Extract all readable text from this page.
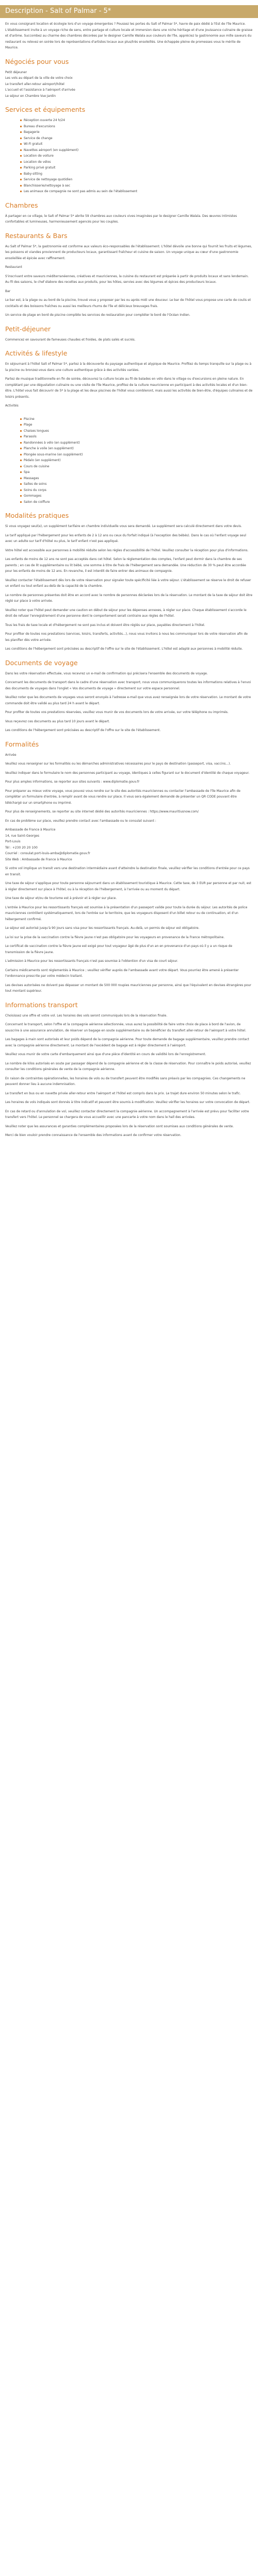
Description - Salt of Palmar - 5*

En vous consignant location et écologie lors d'un voyage émergentes ? Poussez les portes du Salt of Palmar 5*, havre de paix dédié à l'Est de l'île Maurice. L'établissement invite à un voyage riche de sens, entre partage et culture locale et immersion dans une niche héritage et d'une jouissance culinaire de graisse et d'arôme. Succombez au charme des chambres décorées par le designer Camille Walala aux couleurs de l'île, appréciez la gastronomie aux mille saveurs du restaurant ou relevez en soirée lors de représentations d'artistes locaux aux plus/très ensoleillés. Une échappée pleine de promesses vous le mérite de Maurice.

Négociés pour vous

Petit déjeuner

Les vols au départ de la ville de votre choix

Le transfert aller-retour aéroport/hôtel

L'accueil et l'assistance à l'aéroport d'arrivée

Le séjour en Chambre Vue Jardin

Services et équipements
Réception ouverte 24 h/24
Bureau d'excursions
Bagagerie
Service de change
Wi-Fi gratuit
Navettes aéroport (en supplément)
Location de voiture
Location de vélos
Parking privé gratuit
Baby-sitting
Service de nettoyage quotidien
Blanchisserie/nettoyage à sec
Les animaux de compagnie ne sont pas admis au sein de l'établissement
Chambres

À partager en ce village, le Salt of Palmar 5* abrite 59 chambres aux couleurs vives imaginées par le designer Camille Walala. Des œuvres intimistes confortables et lumineuses, harmonieusement agencés pour les couples.

Restaurants & Bars

Au Salt of Palmar 5*, la gastronomie est conforme aux valeurs éco-responsables de l'établissement. L'hôtel dévoile une bonne qui fournit les fruits et légumes, les poissons et viandes proviennent de producteurs locaux, garantissant fraîcheur et cuisine de saison. Un voyage unique au cœur d'une gastronomie ensoleillée et épicée avec raffinement.

Restaurant

S'inscrivant entre saveurs méditerranéennes, créatives et mauriciennes, la cuisine du restaurant est préparée à partir de produits locaux et sans lendemain. Au fil des saisons, le chef élabore des recettes aux produits, pour les hôtes, servies avec des légumes et épices des producteurs locaux.

Bar

Le bar est, à la plage ou au bord de la piscine, trouvé vous y proposer par les ou après midi une douceur. Le bar de l'hôtel vous propose une carte de coulis et cocktails et des boissons fraîches ou aussi les meilleurs rhums de l'île et délicieux breuvages frais.

Un service de plage en bord de piscine complète les services de restauration pour compléter le bord de l'Océan Indien.

Petit-déjeuner

Commencez en savourant de fameuses chaudes et froides, de plats salés et sucrés.

Activités & lifestyle

En séjournant à l'hôtel Salt of Palmar 5*, partez à la découverte du paysage authentique et atypique de Maurice. Profitez du temps tranquille sur la plage ou à la piscine ou bronzez-vous dans une culture authentique grâce à des activités variées.

Partez de musique traditionnelle en fin de soirée, découvrez la culture locale au fil de balades en vélo dans le village ou d'excursions en pleine nature. En complétant par une dégustation culinaire ou une visite de l'île Maurice, profitez de la culture mauricienne en participant à des activités locales et d'un bien-être. L'hôtel vous fait découvrir de 5* à la plage et les deux piscines de l'hôtel vous combleront, mais aussi les activités de bien-être, d'équipes culinaires et de loisirs présents.

Activités

Piscine
Plage
Chaises longues
Parasols
Randonnées à vélo (en supplément)
Planche à voile (en supplément)
Plongée sous-marine (en supplément)
Pédalo (en supplément)
Cours de cuisine
Spa
Massages
Salles de soins
Soins du corps
Gommages
Salon de coiffure
Modalités pratiques

Si vous voyagez seul(e), un supplément tarifaire en chambre individuelle vous sera demandé. Le supplément sera calculé directement dans votre devis.

Le tarif appliqué par l'hébergement pour les enfants de 2 à 12 ans ou ceux du forfait indiqué (à l'exception des bébés). Dans le cas où l'enfant voyage seul avec un adulte sur tarif d'hôtel ou plus, le tarif enfant n'est pas appliqué.

Votre hôtel est accessible aux personnes à mobilité réduite selon les règles d'accessibilité de l'hôtel. Veuillez consulter la réception pour plus d'informations.

Les enfants de moins de 12 ans ne sont pas acceptés dans cet hôtel. Selon la réglementation des comptes, l'enfant peut dormir dans la chambre de ses parents ; en cas de lit supplémentaire ou lit bébé, une somme à titre de frais de l'hébergement sera demandée. Une réduction de 30 % peut être accordée pour les enfants de moins de 12 ans. En revanche, il est interdit de faire entrer des animaux de compagnie.

Veuillez contacter l'établissement dès lors de votre réservation pour signaler toute spécificité liée à votre séjour. L'établissement se réserve le droit de refuser un enfant ou tout enfant au-delà de la capacité de la chambre.

Le nombre de personnes présentes doit être en accord avec le nombre de personnes déclarées lors de la réservation. Le montant de la taxe de séjour doit être réglé sur place à votre arrivée.

Veuillez noter que l'hôtel peut demander une caution en début de séjour pour les dépenses annexes, à régler sur place. Chaque établissement s'accorde le droit de refuser l'enregistrement d'une personne dont le comportement serait contraire aux règles de l'hôtel.

Tous les frais de taxe locale et d'hébergement ne sont pas inclus et doivent être réglés sur place, payables directement à l'hôtel.

Pour profiter de toutes nos prestations (services, loisirs, transferts, activités...), nous vous invitons à nous les communiquer lors de votre réservation afin de les planifier dès votre arrivée.

Les conditions de l'hébergement sont précisées au descriptif de l'offre sur le site de l'établissement. L'hôtel est adapté aux personnes à mobilité réduite.

Documents de voyage

Dans les votre réservation effectuée, vous recevrez un e-mail de confirmation qui précisera l'ensemble des documents de voyage.

Concernant les documents de transport dans le cadre d'une réservation avec transport, nous vous communiquerons toutes les informations relatives à l'envoi des documents de voyages dans l'onglet « Vos documents de voyage » directement sur votre espace personnel.

Veuillez noter que les documents de voyages vous seront envoyés à l'adresse e-mail que vous avez renseignée lors de votre réservation. Le montant de votre commande doit être validé au plus tard 24 h avant le départ.

Pour profiter de toutes vos prestations réservées, veuillez vous munir de vos documents lors de votre arrivée, sur votre téléphone ou imprimés.

Vous reçevrez ces documents au plus tard 10 jours avant le départ.

Les conditions de l'hébergement sont précisées au descriptif de l'offre sur le site de l'établissement.

Formalités

Arrivée

Veuillez vous renseigner sur les formalités ou les démarches administratives nécessaires pour le pays de destination (passeport, visa, vaccins...).

Veuillez indiquer dans le formulaire le nom des personnes participant au voyage, identiques à celles figurant sur le document d'identité de chaque voyageur.

Pour plus amples informations, se reporter aux sites suivants : www.diplomatie.gouv.fr

Pour préparer au mieux votre voyage, vous pouvez vous rendre sur le site des autorités mauriciennes ou contacter l'ambassade de l'île Maurice afin de compléter un formulaire d'entrée, à remplir avant de vous rendre sur place. Il vous sera également demandé de présenter un QR CODE pouvant être téléchargé sur un smartphone ou imprimé.

Pour plus de renseignements, se reporter au site internet dédié des autorités mauriciennes : https://www.mauritiusnow.com/

En cas de problème sur place, veuillez prendre contact avec l'ambassade ou le consulat suivant :

Ambassade de France à Maurice

14, rue Saint-Georges

Port-Louis

Tél : +230 20 20 100

Courriel : consulat.port-louis-amba@diplomatie.gouv.fr

Site Web : Ambassade de France à Maurice

Si votre vol implique un transit vers une destination intermédiaire avant d'atteindre la destination finale, veuillez vérifier les conditions d'entrée pour ce pays en transit.

Une taxe de séjour s'applique pour toute personne séjournant dans un établissement touristique à Maurice. Cette taxe, de 3 EUR par personne et par nuit, est à régler directement sur place à l'hôtel, ou à la réception de l'hébergement, à l'arrivée ou au moment du départ.

Une taxe de séjour et/ou de tourisme est à prévoir et à régler sur place.

L'entrée à Maurice pour les ressortissants français est soumise à la présentation d'un passeport valide pour toute la durée du séjour. Les autorités de police mauriciennes contrôlent systématiquement, lors de l'entrée sur le territoire, que les voyageurs disposent d'un billet retour ou de continuation, et d'un hébergement confirmé.

Le séjour est autorisé jusqu'à 90 jours sans visa pour les ressortissants français. Au-delà, un permis de séjour est obligatoire.

La loi sur la prise de la vaccination contre la fièvre jaune n'est pas obligatoire pour les voyageurs en provenance de la France métropolitaine.

Le certificat de vaccination contre la fièvre jaune est exigé pour tout voyageur âgé de plus d'un an en provenance d'un pays où il y a un risque de transmission de la fièvre jaune.

L'admission à Maurice pour les ressortissants français n'est pas soumise à l'obtention d'un visa de court séjour.

Certains médicaments sont réglementés à Maurice ; veuillez vérifier auprès de l'ambassade avant votre départ. Vous pourriez être amené à présenter l'ordonnance prescrite par votre médecin traitant.

Les devises autorisées ne doivent pas dépasser un montant de 500 000 roupies mauriciennes par personne, ainsi que l'équivalent en devises étrangères pour tout montant supérieur.

Informations transport

Choisissez une offre et votre vol. Les horaires des vols seront communiqués lors de la réservation finale.

Concernant le transport, selon l'offre et la compagnie aérienne sélectionnée, vous aurez la possibilité de faire votre choix de place à bord de l'avion, de souscrire à une assurance annulation, de réserver un bagage en soute supplémentaire ou de bénéficier du transfert aller-retour de l'aéroport à votre hôtel.

Les bagages à main sont autorisés et leur poids dépend de la compagnie aérienne. Pour toute demande de bagage supplémentaire, veuillez prendre contact avec la compagnie aérienne directement. Le montant de l'excédent de bagage est à régler directement à l'aéroport.

Veuillez vous munir de votre carte d'embarquement ainsi que d'une pièce d'identité en cours de validité lors de l'enregistrement.

Le nombre de kilos autorisés en soute par passager dépend de la compagnie aérienne et de la classe de réservation. Pour connaître le poids autorisé, veuillez consulter les conditions générales de vente de la compagnie aérienne.

En raison de contraintes opérationnelles, les horaires de vols ou de transfert peuvent être modifiés sans préavis par les compagnies. Ces changements ne peuvent donner lieu à aucune indemnisation.

Le transfert en bus ou en navette privée aller-retour entre l'aéroport et l'hôtel est compris dans le prix. Le trajet dure environ 50 minutes selon le trafic.

Les horaires de vols indiqués sont donnés à titre indicatif et peuvent être soumis à modification. Veuillez vérifier les horaires sur votre convocation de départ.

En cas de retard ou d'annulation de vol, veuillez contacter directement la compagnie aérienne. Un accompagnement à l'arrivée est prévu pour faciliter votre transfert vers l'hôtel. Le personnel se chargera de vous accueillir avec une pancarte à votre nom dans le hall des arrivées.

Veuillez noter que les assurances et garanties complémentaires proposées lors de la réservation sont soumises aux conditions générales de vente.

Merci de bien vouloir prendre connaissance de l'ensemble des informations avant de confirmer votre réservation.
